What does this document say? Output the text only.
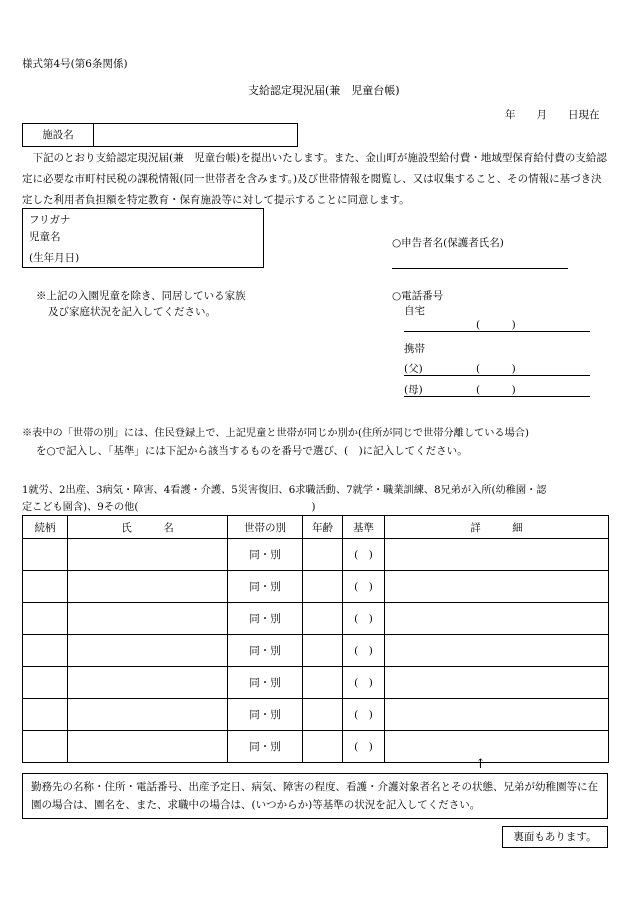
様式第4号(第6条関係)
支給認定現況届(兼　児童台帳)
年　　月　　日現在
施設名
　下記のとおり支給認定現況届(兼　児童台帳)を提出いたします。また、金山町が施設型給付費・地域型保育給付費の支給認定に必要な市町村民税の課税情報(同一世帯者を含みます。)及び世帯情報を閲覧し、又は収集すること、その情報に基づき決定した利用者負担額を特定教育・保育施設等に対して提示することに同意します。
フリガナ
児童名
(生年月日)
○申告者名(保護者氏名)
※上記の入園児童を除き、同居している家族
及び家庭状況を記入してください。
○電話番号
自宅
(　　　)
携帯
(父)	(　　　)
(母)	(　　　)
※表中の「世帯の別」には、住民登録上で、上記児童と世帯が同じか別か(住所が同じで世帯分離している場合)
を○で記入し、「基準」には下記から該当するものを番号で選び、(　)に記入してください。
1就労、2出産、3病気・障害、4看護・介護、5災害復旧、6求職活動、7就学・職業訓練、8兄弟が入所(幼稚園・認
定こども園含)、9その他(　　　　　　　　　　　　　　　　　)
続柄	氏　　　名	世帯の別	年齢	基準	詳　　　細
		同・別		(　)	
		同・別		(　)	
		同・別		(　)	
		同・別		(　)	
		同・別		(　)	
		同・別		(　)	
		同・別		(　)	
↑
勤務先の名称・住所・電話番号、出産予定日、病気、障害の程度、看護・介護対象者名とその状態、兄弟が幼稚園等に在園の場合は、園名を、また、求職中の場合は、(いつからか)等基準の状況を記入してください。
裏面もあります。
